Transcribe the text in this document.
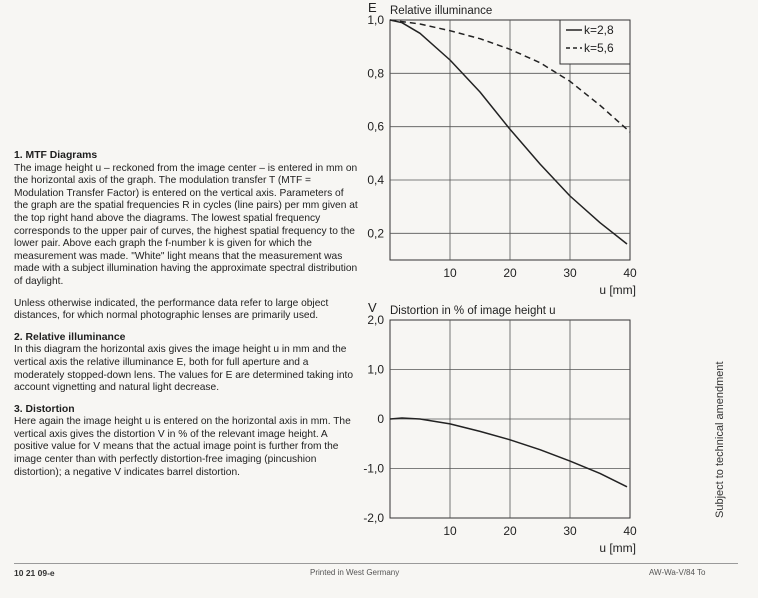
1. MTF Diagrams

The image height u – reckoned from the image center – is entered in mm on the horizontal axis of the graph. The modulation transfer T (MTF = Modulation Transfer Factor) is entered on the vertical axis. Parameters of the graph are the spatial frequencies R in cycles (line pairs) per mm given at the top right hand above the diagrams. The lowest spatial frequency corresponds to the upper pair of curves, the highest spatial frequency to the lower pair. Above each graph the f-number k is given for which the measurement was made. "White" light means that the measurement was made with a subject illumination having the approximate spectral distribution of daylight.

Unless otherwise indicated, the performance data refer to large object distances, for which normal photographic lenses are primarily used.

2. Relative illuminance

In this diagram the horizontal axis gives the image height u in mm and the vertical axis the relative illuminance E, both for full aperture and a moderately stopped-down lens. The values for E are determined taking into account vignetting and natural light decrease.

3. Distortion

Here again the image height u is entered on the horizontal axis in mm. The vertical axis gives the distortion V in % of the relevant image height. A positive value for V means that the actual image point is further from the image center than with perfectly distortion-free imaging (pincushion distortion); a negative V indicates barrel distortion.

10	20	30	40
1,0
0,8
0,6
0,4
0,2
E Relative illuminance
u [mm]
k=2,8
k=5,6
10	20	30	40
2,0
1,0
0
-1,0
-2,0
V Distortion in % of image height u
u [mm]
Subject to technical amendment
10 21 09-e	Printed in West Germany	AW-Wa-V/84 To
